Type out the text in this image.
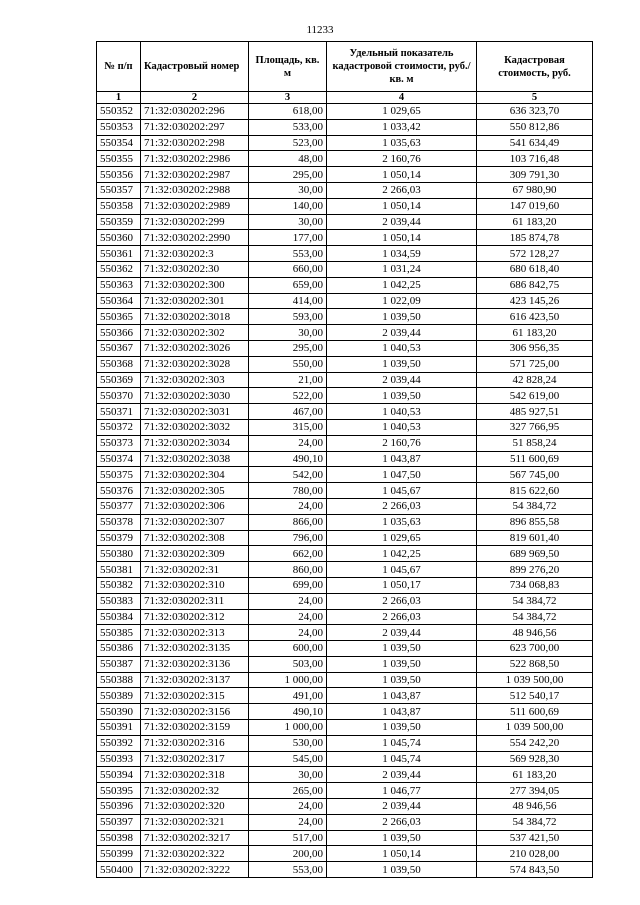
11233
№ п/п	Кадастровый номер	Площадь, кв. м	Удельный показатель кадастровой стоимости, руб./кв. м	Кадастровая стоимость, руб.
1	2	3	4	5
550352	71:32:030202:296	618,00	1 029,65	636 323,70
550353	71:32:030202:297	533,00	1 033,42	550 812,86
550354	71:32:030202:298	523,00	1 035,63	541 634,49
550355	71:32:030202:2986	48,00	2 160,76	103 716,48
550356	71:32:030202:2987	295,00	1 050,14	309 791,30
550357	71:32:030202:2988	30,00	2 266,03	67 980,90
550358	71:32:030202:2989	140,00	1 050,14	147 019,60
550359	71:32:030202:299	30,00	2 039,44	61 183,20
550360	71:32:030202:2990	177,00	1 050,14	185 874,78
550361	71:32:030202:3	553,00	1 034,59	572 128,27
550362	71:32:030202:30	660,00	1 031,24	680 618,40
550363	71:32:030202:300	659,00	1 042,25	686 842,75
550364	71:32:030202:301	414,00	1 022,09	423 145,26
550365	71:32:030202:3018	593,00	1 039,50	616 423,50
550366	71:32:030202:302	30,00	2 039,44	61 183,20
550367	71:32:030202:3026	295,00	1 040,53	306 956,35
550368	71:32:030202:3028	550,00	1 039,50	571 725,00
550369	71:32:030202:303	21,00	2 039,44	42 828,24
550370	71:32:030202:3030	522,00	1 039,50	542 619,00
550371	71:32:030202:3031	467,00	1 040,53	485 927,51
550372	71:32:030202:3032	315,00	1 040,53	327 766,95
550373	71:32:030202:3034	24,00	2 160,76	51 858,24
550374	71:32:030202:3038	490,10	1 043,87	511 600,69
550375	71:32:030202:304	542,00	1 047,50	567 745,00
550376	71:32:030202:305	780,00	1 045,67	815 622,60
550377	71:32:030202:306	24,00	2 266,03	54 384,72
550378	71:32:030202:307	866,00	1 035,63	896 855,58
550379	71:32:030202:308	796,00	1 029,65	819 601,40
550380	71:32:030202:309	662,00	1 042,25	689 969,50
550381	71:32:030202:31	860,00	1 045,67	899 276,20
550382	71:32:030202:310	699,00	1 050,17	734 068,83
550383	71:32:030202:311	24,00	2 266,03	54 384,72
550384	71:32:030202:312	24,00	2 266,03	54 384,72
550385	71:32:030202:313	24,00	2 039,44	48 946,56
550386	71:32:030202:3135	600,00	1 039,50	623 700,00
550387	71:32:030202:3136	503,00	1 039,50	522 868,50
550388	71:32:030202:3137	1 000,00	1 039,50	1 039 500,00
550389	71:32:030202:315	491,00	1 043,87	512 540,17
550390	71:32:030202:3156	490,10	1 043,87	511 600,69
550391	71:32:030202:3159	1 000,00	1 039,50	1 039 500,00
550392	71:32:030202:316	530,00	1 045,74	554 242,20
550393	71:32:030202:317	545,00	1 045,74	569 928,30
550394	71:32:030202:318	30,00	2 039,44	61 183,20
550395	71:32:030202:32	265,00	1 046,77	277 394,05
550396	71:32:030202:320	24,00	2 039,44	48 946,56
550397	71:32:030202:321	24,00	2 266,03	54 384,72
550398	71:32:030202:3217	517,00	1 039,50	537 421,50
550399	71:32:030202:322	200,00	1 050,14	210 028,00
550400	71:32:030202:3222	553,00	1 039,50	574 843,50
